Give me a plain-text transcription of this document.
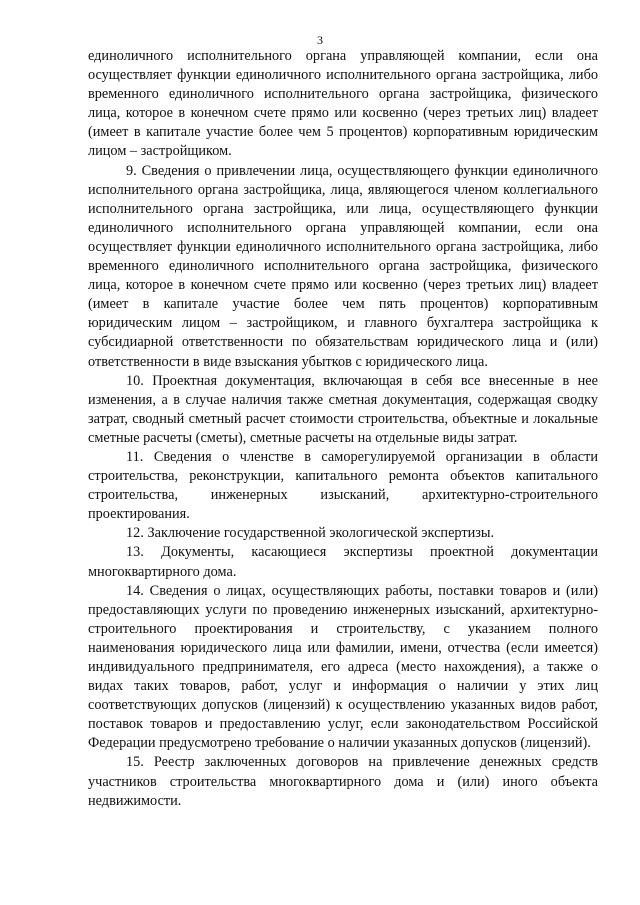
3

единоличного исполнительного органа управляющей компании, если она осуществляет функции единоличного исполнительного органа застройщика, либо временного единоличного исполнительного органа застройщика, физического лица, которое в конечном счете прямо или косвенно (через третьих лиц) владеет (имеет в капитале участие более чем 5 процентов) корпоративным юридическим лицом – застройщиком.

9. Сведения о привлечении лица, осуществляющего функции единоличного исполнительного органа застройщика, лица, являющегося членом коллегиального исполнительного органа застройщика, или лица, осуществляющего функции единоличного исполнительного органа управляющей компании, если она осуществляет функции единоличного исполнительного органа застройщика, либо временного единоличного исполнительного органа застройщика, физического лица, которое в конечном счете прямо или косвенно (через третьих лиц) владеет (имеет в капитале участие более чем пять процентов) корпоративным юридическим лицом – застройщиком, и главного бухгалтера застройщика к субсидиарной ответственности по обязательствам юридического лица и (или) ответственности в виде взыскания убытков с юридического лица.

10. Проектная документация, включающая в себя все внесенные в нее изменения, а в случае наличия также сметная документация, содержащая сводку затрат, сводный сметный расчет стоимости строительства, объектные и локальные сметные расчеты (сметы), сметные расчеты на отдельные виды затрат.

11. Сведения о членстве в саморегулируемой организации в области строительства, реконструкции, капитального ремонта объектов капитального строительства, инженерных изысканий, архитектурно-строительного проектирования.

12. Заключение государственной экологической экспертизы.

13. Документы, касающиеся экспертизы проектной документации многоквартирного дома.

14. Сведения о лицах, осуществляющих работы, поставки товаров и (или) предоставляющих услуги по проведению инженерных изысканий, архитектурно-строительного проектирования и строительству, с указанием полного наименования юридического лица или фамилии, имени, отчества (если имеется) индивидуального предпринимателя, его адреса (место нахождения), а также о видах таких товаров, работ, услуг и информация о наличии у этих лиц соответствующих допусков (лицензий) к осуществлению указанных видов работ, поставок товаров и предоставлению услуг, если законодательством Российской Федерации предусмотрено требование о наличии указанных допусков (лицензий).

15. Реестр заключенных договоров на привлечение денежных средств участников строительства многоквартирного дома и (или) иного объекта недвижимости.
